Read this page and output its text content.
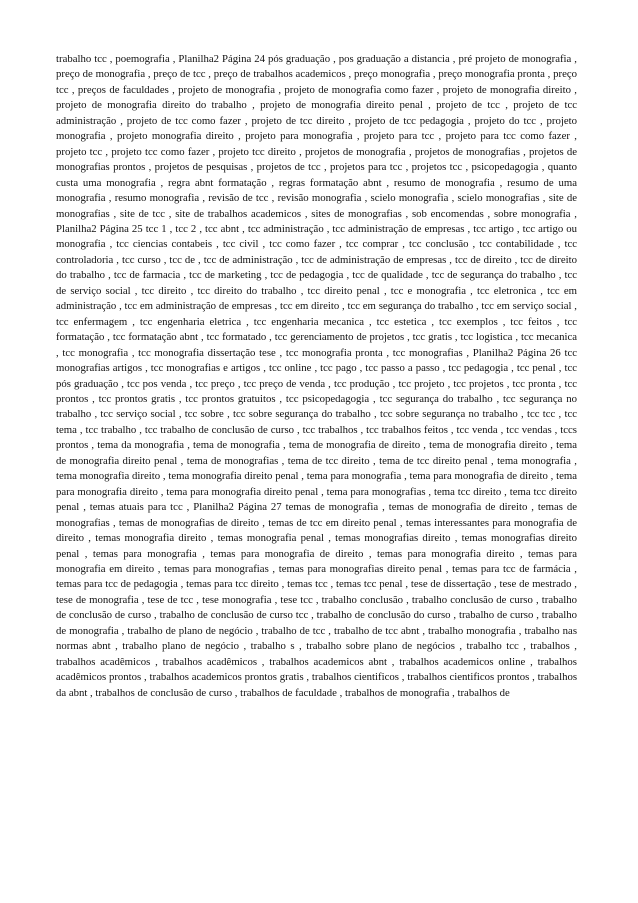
trabalho tcc , poemografia , Planilha2 Página 24 pós graduação , pos graduação a distancia , pré projeto de monografia , preço de monografia , preço de tcc , preço de trabalhos academicos , preço monografia , preço monografia pronta , preço tcc , preços de faculdades , projeto de monografia , projeto de monografia como fazer , projeto de monografia direito , projeto de monografia direito do trabalho , projeto de monografia direito penal , projeto de tcc , projeto de tcc administração , projeto de tcc como fazer , projeto de tcc direito , projeto de tcc pedagogia , projeto do tcc , projeto monografia , projeto monografia direito , projeto para monografia , projeto para tcc , projeto para tcc como fazer , projeto tcc , projeto tcc como fazer , projeto tcc direito , projetos de monografia , projetos de monografias , projetos de monografias prontos , projetos de pesquisas , projetos de tcc , projetos para tcc , projetos tcc , psicopedagogia , quanto custa uma monografia , regra abnt formatação , regras formatação abnt , resumo de monografia , resumo de uma monografia , resumo monografia , revisão de tcc , revisão monografia , scielo monografia , scielo monografias , site de monografias , site de tcc , site de trabalhos academicos , sites de monografias , sob encomendas , sobre monografia , Planilha2 Página 25 tcc 1 , tcc 2 , tcc abnt , tcc administração , tcc administração de empresas , tcc artigo , tcc artigo ou monografia , tcc ciencias contabeis , tcc civil , tcc como fazer , tcc comprar , tcc conclusão , tcc contabilidade , tcc controladoria , tcc curso , tcc de , tcc de administração , tcc de administração de empresas , tcc de direito , tcc de direito do trabalho , tcc de farmacia , tcc de marketing , tcc de pedagogia , tcc de qualidade , tcc de segurança do trabalho , tcc de serviço social , tcc direito , tcc direito do trabalho , tcc direito penal , tcc e monografia , tcc eletronica , tcc em administração , tcc em administração de empresas , tcc em direito , tcc em segurança do trabalho , tcc em serviço social , tcc enfermagem , tcc engenharia eletrica , tcc engenharia mecanica , tcc estetica , tcc exemplos , tcc feitos , tcc formatação , tcc formatação abnt , tcc formatado , tcc gerenciamento de projetos , tcc gratis , tcc logistica , tcc mecanica , tcc monografia , tcc monografia dissertação tese , tcc monografia pronta , tcc monografias , Planilha2 Página 26 tcc monografias artigos , tcc monografias e artigos , tcc online , tcc pago , tcc passo a passo , tcc pedagogia , tcc penal , tcc pós graduação , tcc pos venda , tcc preço , tcc preço de venda , tcc produção , tcc projeto , tcc projetos , tcc pronta , tcc prontos , tcc prontos gratis , tcc prontos gratuitos , tcc psicopedagogia , tcc segurança do trabalho , tcc segurança no trabalho , tcc serviço social , tcc sobre , tcc sobre segurança do trabalho , tcc sobre segurança no trabalho , tcc tcc , tcc tema , tcc trabalho , tcc trabalho de conclusão de curso , tcc trabalhos , tcc trabalhos feitos , tcc venda , tcc vendas , tccs prontos , tema da monografia , tema de monografia , tema de monografia de direito , tema de monografia direito , tema de monografia direito penal , tema de monografias , tema de tcc direito , tema de tcc direito penal , tema monografia , tema monografia direito , tema monografia direito penal , tema para monografia , tema para monografia de direito , tema para monografia direito , tema para monografia direito penal , tema para monografias , tema tcc direito , tema tcc direito penal , temas atuais para tcc , Planilha2 Página 27 temas de monografia , temas de monografia de direito , temas de monografias , temas de monografias de direito , temas de tcc em direito penal , temas interessantes para monografia de direito , temas monografia direito , temas monografia penal , temas monografias direito , temas monografias direito penal , temas para monografia , temas para monografia de direito , temas para monografia direito , temas para monografia em direito , temas para monografias , temas para monografias direito penal , temas para tcc de farmácia , temas para tcc de pedagogia , temas para tcc direito , temas tcc , temas tcc penal , tese de dissertação , tese de mestrado , tese de monografia , tese de tcc , tese monografia , tese tcc , trabalho conclusão , trabalho conclusão de curso , trabalho de conclusão de curso , trabalho de conclusão de curso tcc , trabalho de conclusão do curso , trabalho de curso , trabalho de monografia , trabalho de plano de negócio , trabalho de tcc , trabalho de tcc abnt , trabalho monografia , trabalho nas normas abnt , trabalho plano de negócio , trabalho s , trabalho sobre plano de negócios , trabalho tcc , trabalhos , trabalhos acadêmicos , trabalhos acadêmicos , trabalhos academicos abnt , trabalhos academicos online , trabalhos acadêmicos prontos , trabalhos academicos prontos gratis , trabalhos cientificos , trabalhos cientificos prontos , trabalhos da abnt , trabalhos de conclusão de curso , trabalhos de faculdade , trabalhos de monografia , trabalhos de
